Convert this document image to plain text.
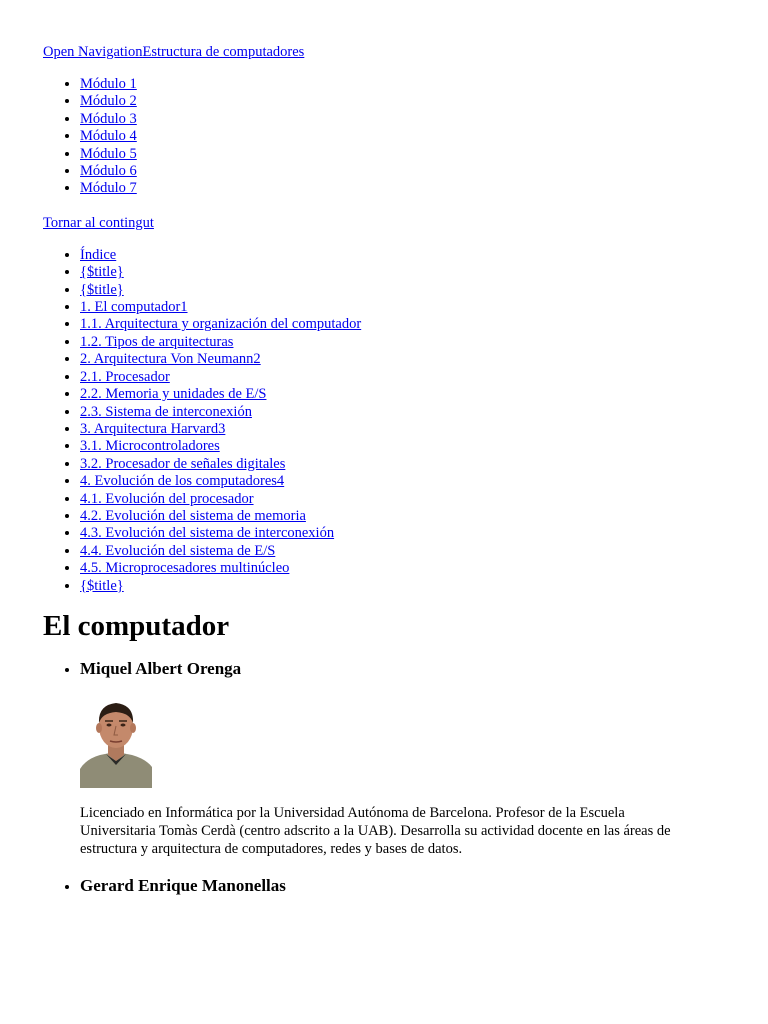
Open NavigationEstructura de computadores
• Módulo 1
• Módulo 2
• Módulo 3
• Módulo 4
• Módulo 5
• Módulo 6
• Módulo 7
Tornar al contingut
• Índice
• {$title}
• {$title}
• 1. El computador1
• 1.1. Arquitectura y organización del computador
• 1.2. Tipos de arquitecturas
• 2. Arquitectura Von Neumann2
• 2.1. Procesador
• 2.2. Memoria y unidades de E/S
• 2.3. Sistema de interconexión
• 3. Arquitectura Harvard3
• 3.1. Microcontroladores
• 3.2. Procesador de señales digitales
• 4. Evolución de los computadores4
• 4.1. Evolución del procesador
• 4.2. Evolución del sistema de memoria
• 4.3. Evolución del sistema de interconexión
• 4.4. Evolución del sistema de E/S
• 4.5. Microprocesadores multinúcleo
• {$title}
El computador
• Miquel Albert Orenga

Licenciado en Informática por la Universidad Autónoma de Barcelona. Profesor de la Escuela Universitaria Tomàs Cerdà (centro adscrito a la UAB). Desarrolla su actividad docente en las áreas de estructura y arquitectura de computadores, redes y bases de datos.

• Gerard Enrique Manonellas
